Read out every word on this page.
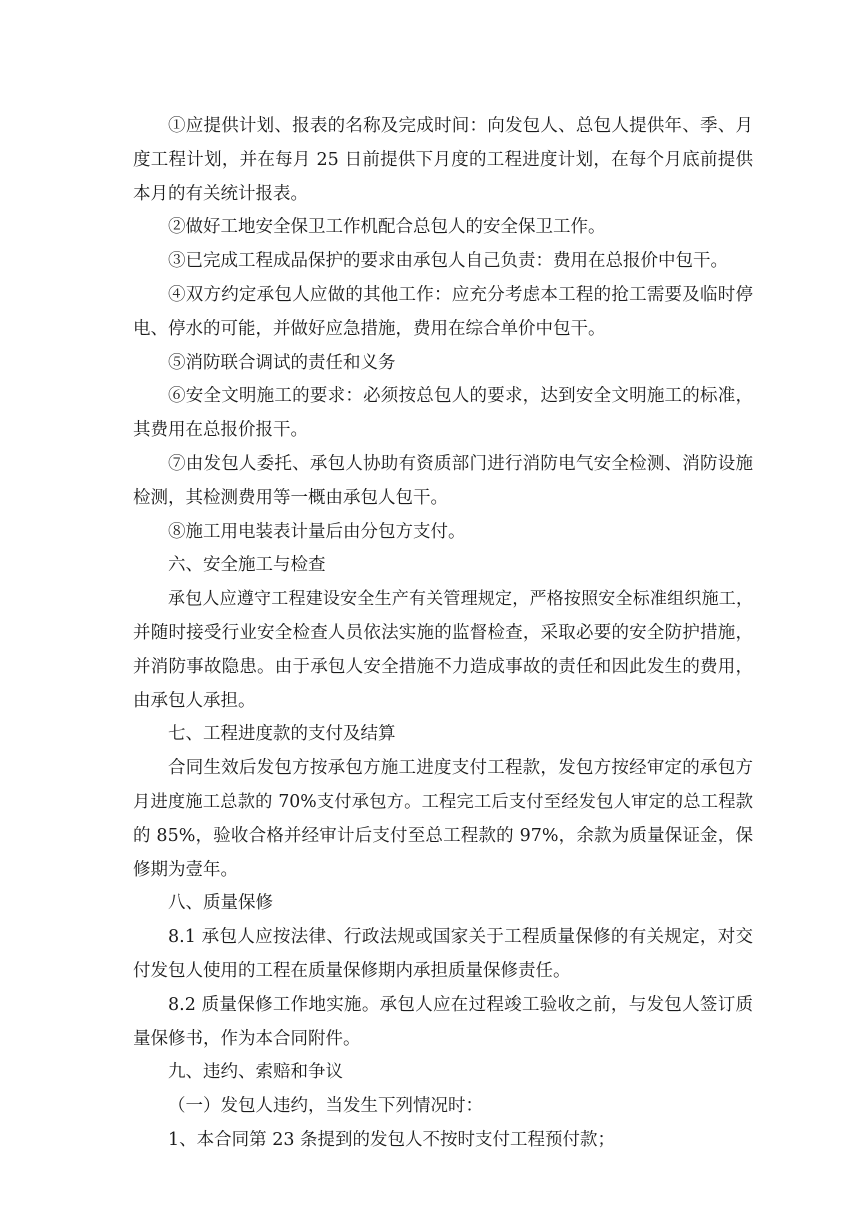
①应提供计划、报表的名称及完成时间：向发包人、总包人提供年、季、月
度工程计划，并在每月 25 日前提供下月度的工程进度计划，在每个月底前提供
本月的有关统计报表。
②做好工地安全保卫工作机配合总包人的安全保卫工作。
③已完成工程成品保护的要求由承包人自己负责：费用在总报价中包干。
④双方约定承包人应做的其他工作：应充分考虑本工程的抢工需要及临时停
电、停水的可能，并做好应急措施，费用在综合单价中包干。
⑤消防联合调试的责任和义务
⑥安全文明施工的要求：必须按总包人的要求，达到安全文明施工的标准，
其费用在总报价报干。
⑦由发包人委托、承包人协助有资质部门进行消防电气安全检测、消防设施
检测，其检测费用等一概由承包人包干。
⑧施工用电装表计量后由分包方支付。
六、安全施工与检查
承包人应遵守工程建设安全生产有关管理规定，严格按照安全标准组织施工，
并随时接受行业安全检查人员依法实施的监督检查，采取必要的安全防护措施，
并消防事故隐患。由于承包人安全措施不力造成事故的责任和因此发生的费用，
由承包人承担。
七、工程进度款的支付及结算
合同生效后发包方按承包方施工进度支付工程款，发包方按经审定的承包方
月进度施工总款的 70%支付承包方。工程完工后支付至经发包人审定的总工程款
的 85%，验收合格并经审计后支付至总工程款的 97%，余款为质量保证金，保
修期为壹年。
八、质量保修
8.1 承包人应按法律、行政法规或国家关于工程质量保修的有关规定，对交
付发包人使用的工程在质量保修期内承担质量保修责任。
8.2 质量保修工作地实施。承包人应在过程竣工验收之前，与发包人签订质
量保修书，作为本合同附件。
九、违约、索赔和争议
（一）发包人违约，当发生下列情况时：
1、本合同第 23 条提到的发包人不按时支付工程预付款；
